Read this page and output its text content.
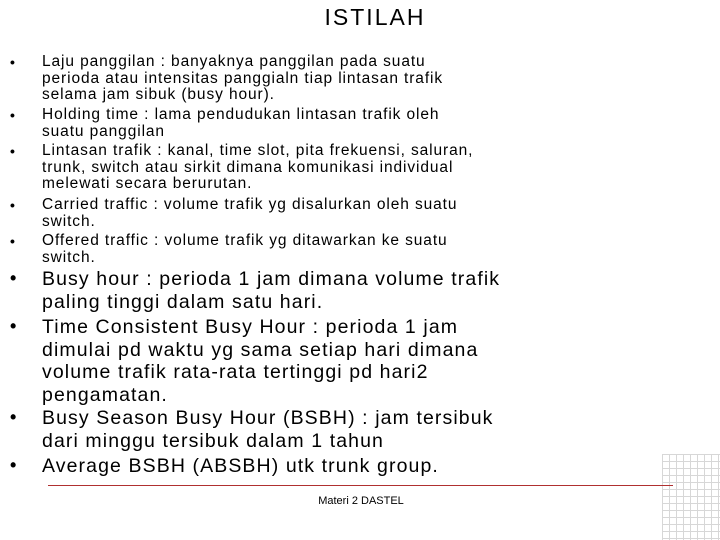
ISTILAH
• Laju panggilan : banyaknya panggilan pada suatu
perioda atau intensitas panggialn tiap lintasan trafik
selama jam sibuk (busy hour).
• Holding time : lama pendudukan lintasan trafik oleh
suatu panggilan
• Lintasan trafik : kanal, time slot, pita frekuensi, saluran,
trunk, switch atau sirkit dimana komunikasi individual
melewati secara berurutan.
• Carried traffic : volume trafik yg disalurkan oleh suatu
switch.
• Offered traffic : volume trafik yg ditawarkan ke suatu
switch.
• Busy hour : perioda 1 jam dimana volume trafik
paling tinggi dalam satu hari.
• Time Consistent Busy Hour : perioda 1 jam
dimulai pd waktu yg sama setiap hari dimana
volume trafik rata-rata tertinggi pd hari2
pengamatan.
• Busy Season Busy Hour (BSBH) : jam tersibuk
dari minggu tersibuk dalam 1 tahun
• Average BSBH (ABSBH) utk trunk group.
Materi 2 DASTEL
